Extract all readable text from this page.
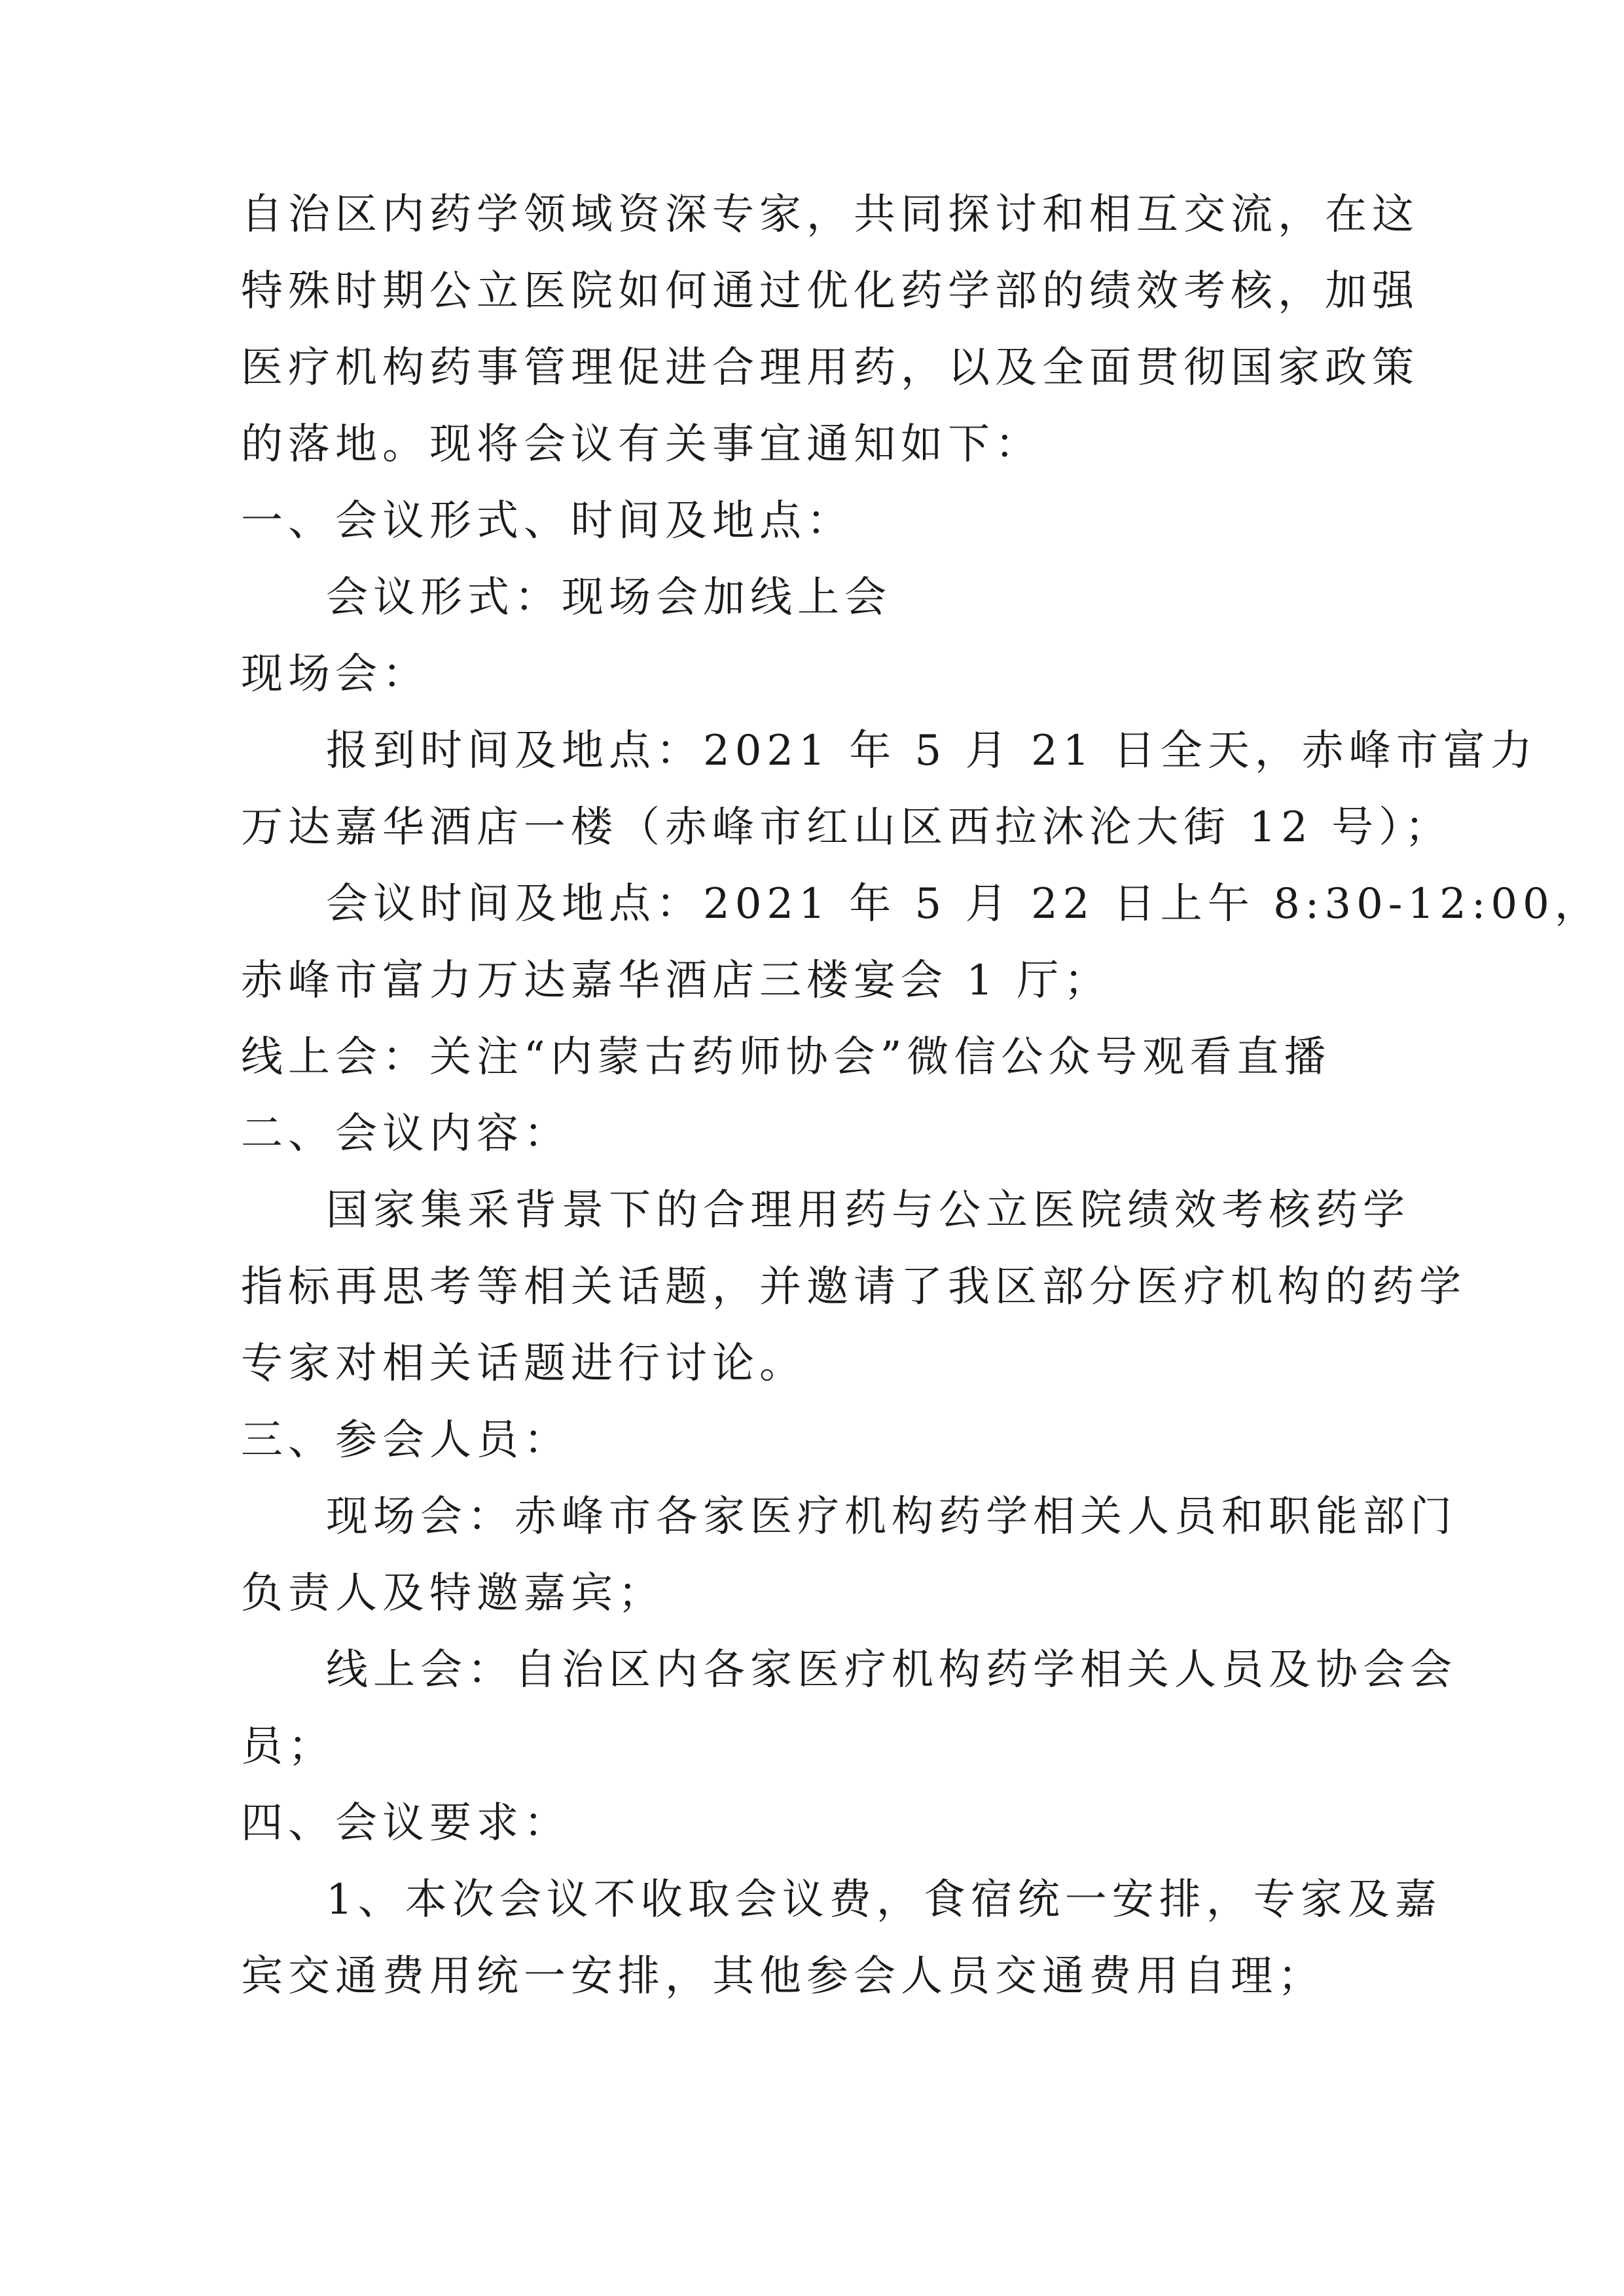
自治区内药学领域资深专家，共同探讨和相互交流，在这
特殊时期公立医院如何通过优化药学部的绩效考核，加强
医疗机构药事管理促进合理用药，以及全面贯彻国家政策
的落地。现将会议有关事宜通知如下：
一、会议形式、时间及地点：
会议形式：现场会加线上会
现场会：
报到时间及地点：2021 年 5 月 21 日全天，赤峰市富力
万达嘉华酒店一楼（赤峰市红山区西拉沐沦大街 12 号）；
会议时间及地点：2021 年 5 月 22 日上午 8:30-12:00，
赤峰市富力万达嘉华酒店三楼宴会 1 厅；
线上会：关注“内蒙古药师协会”微信公众号观看直播
二、会议内容：
国家集采背景下的合理用药与公立医院绩效考核药学
指标再思考等相关话题，并邀请了我区部分医疗机构的药学
专家对相关话题进行讨论。
三、参会人员：
现场会：赤峰市各家医疗机构药学相关人员和职能部门
负责人及特邀嘉宾；
线上会：自治区内各家医疗机构药学相关人员及协会会
员；
四、会议要求：
1、本次会议不收取会议费，食宿统一安排，专家及嘉
宾交通费用统一安排，其他参会人员交通费用自理；
